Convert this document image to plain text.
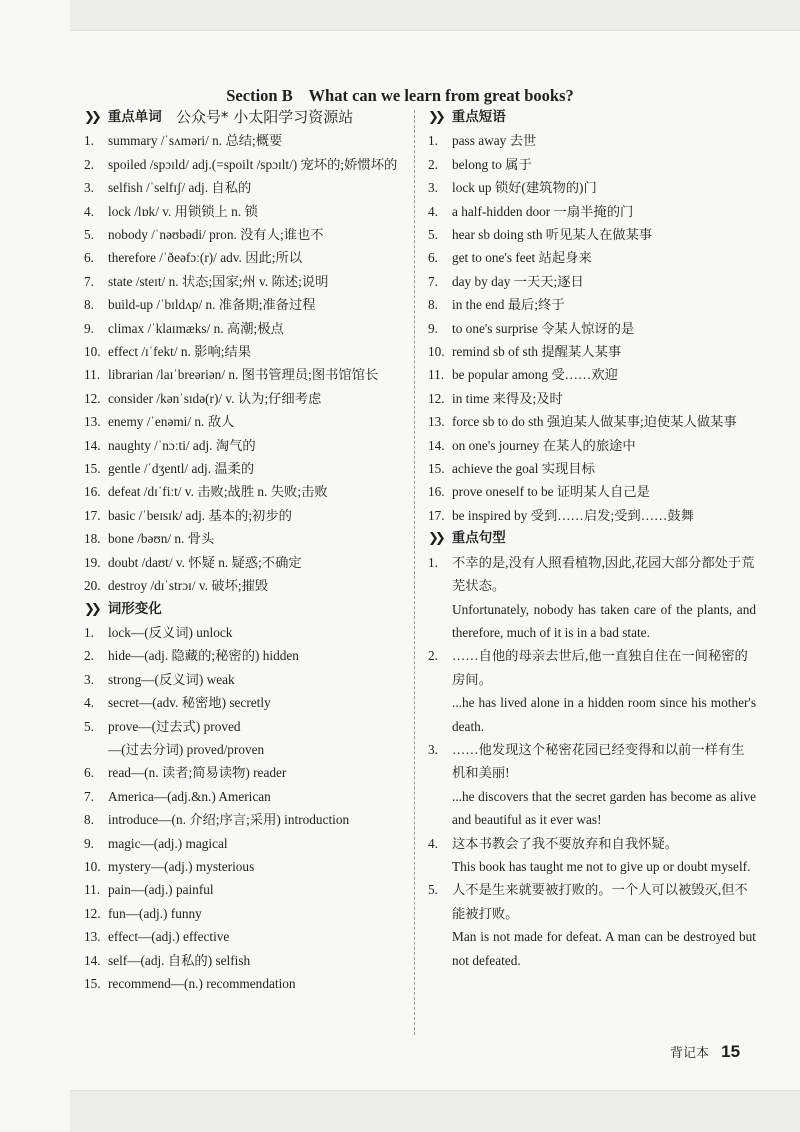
Section B What can we learn from great books?
❯❯ 重点单词
1.	summary /ˈsʌməri/ n. 总结;概要
2.	spoiled /spɔɪld/ adj.(=spoilt /spɔɪlt/) 宠坏的;娇惯坏的
3.	selfish /ˈselfɪʃ/ adj. 自私的
4.	lock /lɒk/ v. 用锁锁上 n. 锁
5.	nobody /ˈnəʊbədi/ pron. 没有人;谁也不
6.	therefore /ˈðeəfɔː(r)/ adv. 因此;所以
7.	state /steɪt/ n. 状态;国家;州 v. 陈述;说明
8.	build-up /ˈbɪldʌp/ n. 准备期;准备过程
9.	climax /ˈklaɪmæks/ n. 高潮;极点
10. effect /ɪˈfekt/ n. 影响;结果
11. librarian /laɪˈbreəriən/ n. 图书管理员;图书馆馆长
12. consider /kənˈsɪdə(r)/ v. 认为;仔细考虑
13. enemy /ˈenəmi/ n. 敌人
14. naughty /ˈnɔːti/ adj. 淘气的
15. gentle /ˈdʒentl/ adj. 温柔的
16. defeat /dɪˈfiːt/ v. 击败;战胜 n. 失败;击败
17. basic /ˈbeɪsɪk/ adj. 基本的;初步的
18. bone /bəʊn/ n. 骨头
19. doubt /daʊt/ v. 怀疑 n. 疑惑;不确定
20. destroy /dɪˈstrɔɪ/ v. 破坏;摧毁
❯❯ 词形变化
1.	lock—(反义词) unlock
2.	hide—(adj. 隐藏的;秘密的) hidden
3.	strong—(反义词) weak
4.	secret—(adv. 秘密地) secretly
5.	prove—(过去式) proved
—(过去分词) proved/proven
6.	read—(n. 读者;简易读物) reader
7.	America—(adj.&n.) American
8.	introduce—(n. 介绍;序言;采用) introduction
9.	magic—(adj.) magical
10. mystery—(adj.) mysterious
11. pain—(adj.) painful
12. fun—(adj.) funny
13. effect—(adj.) effective
14. self—(adj. 自私的) selfish
15. recommend—(n.) recommendation
公众号* 小太阳学习资源站	❯❯ 重点短语
1.	pass away 去世
2.	belong to 属于
3.	lock up 锁好(建筑物的)门
4.	a half-hidden door 一扇半掩的门
5.	hear sb doing sth 听见某人在做某事
6.	get to one's feet 站起身来
7.	day by day 一天天;逐日
8.	in the end 最后;终于
9.	to one's surprise 令某人惊讶的是
10. remind sb of sth 提醒某人某事
11. be popular among 受……欢迎
12. in time 来得及;及时
13. force sb to do sth 强迫某人做某事;迫使某人做某事
14. on one's journey 在某人的旅途中
15. achieve the goal 实现目标
16. prove oneself to be 证明某人自己是
17. be inspired by 受到……启发;受到……鼓舞
❯❯ 重点句型
1.	不幸的是,没有人照看植物,因此,花园大部分都处于荒芜状态。
Unfortunately, nobody has taken care of the plants, and therefore, much of it is in a bad state.
2.	……自他的母亲去世后,他一直独自住在一间秘密的房间。
...he has lived alone in a hidden room since his mother's death.
3.	……他发现这个秘密花园已经变得和以前一样有生机和美丽!
...he discovers that the secret garden has become as alive and beautiful as it ever was!
4.	这本书教会了我不要放弃和自我怀疑。
This book has taught me not to give up or doubt myself.
5.	人不是生来就要被打败的。一个人可以被毁灭,但不能被打败。
Man is not made for defeat. A man can be destroyed but not defeated.
背记本 15
